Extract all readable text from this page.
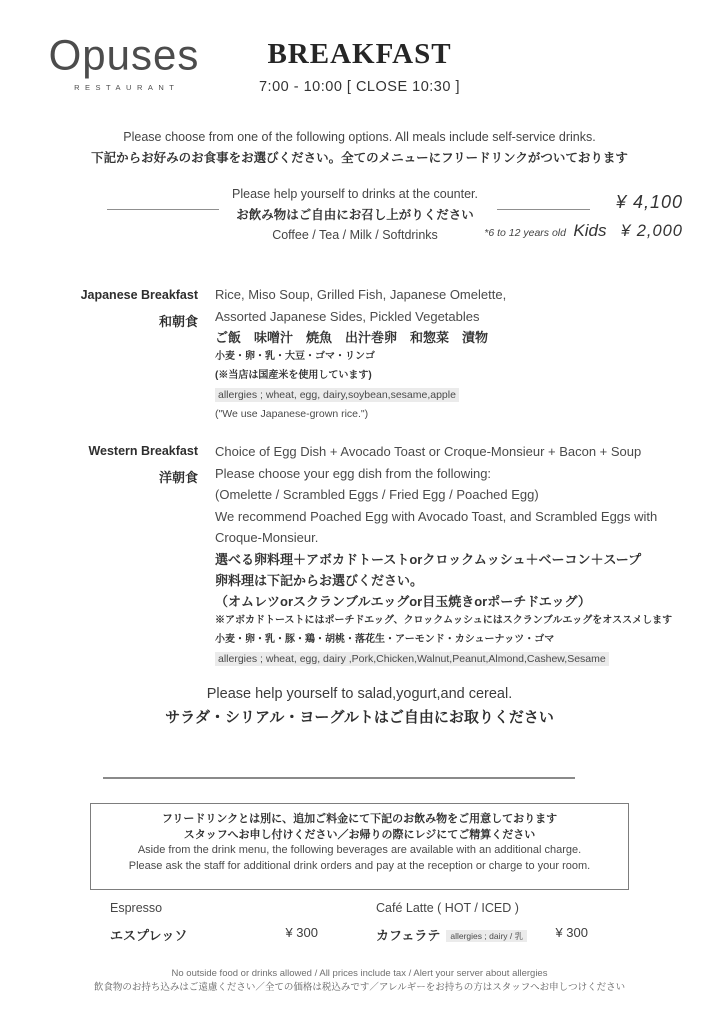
Opuses
RESTAURANT
BREAKFAST
7:00 - 10:00 [ CLOSE 10:30 ]
Please choose from one of the following options. All meals include self-service drinks.
下記からお好みのお食事をお選びください。全てのメニューにフリードリンクがついております
Please help yourself to drinks at the counter.
お飲み物はご自由にお召し上がりください
Coffee / Tea / Milk / Softdrinks
¥ 4,100
*6 to 12 years old Kids ¥ 2,000
Japanese Breakfast
和朝食
Rice, Miso Soup, Grilled Fish, Japanese Omelette,
Assorted Japanese Sides, Pickled Vegetables
ご飯　味噌汁　焼魚　出汁巻卵　和惣菜　漬物
小麦・卵・乳・大豆・ゴマ・リンゴ
(※当店は国産米を使用しています)
allergies ; wheat, egg, dairy,soybean,sesame,apple
("We use Japanese-grown rice.")
Western Breakfast
洋朝食
Choice of Egg Dish + Avocado Toast or Croque-Monsieur + Bacon + Soup
Please choose your egg dish from the following:
(Omelette / Scrambled Eggs / Fried Egg / Poached Egg)
We recommend Poached Egg with Avocado Toast, and Scrambled Eggs with
Croque-Monsieur.
選べる卵料理＋アボカドトーストorクロックムッシュ＋ベーコン＋スープ
卵料理は下記からお選びください。
（オムレツorスクランブルエッグor目玉焼きorポーチドエッグ）
※アボカドトーストにはポーチドエッグ、クロックムッシュにはスクランブルエッグをオススメします
小麦・卵・乳・豚・鶏・胡桃・落花生・アーモンド・カシューナッツ・ゴマ
allergies ; wheat, egg, dairy ,Pork,Chicken,Walnut,Peanut,Almond,Cashew,Sesame
Please help yourself to salad,yogurt,and cereal.
サラダ・シリアル・ヨーグルトはご自由にお取りください
フリードリンクとは別に、追加ご料金にて下記のお飲み物をご用意しております
スタッフへお申し付けください／お帰りの際にレジにてご精算ください
Aside from the drink menu, the following beverages are available with an additional charge.
Please ask the staff for additional drink orders and pay at the reception or charge to your room.
Espresso
エスプレッソ	¥ 300
Café Latte ( HOT / ICED )
カフェラテ allergies ; dairy / 乳	¥ 300
No outside food or drinks allowed / All prices include tax / Alert your server about allergies
飲食物のお持ち込みはご遠慮ください／全ての価格は税込みです／アレルギーをお持ちの方はスタッフへお申しつけください
